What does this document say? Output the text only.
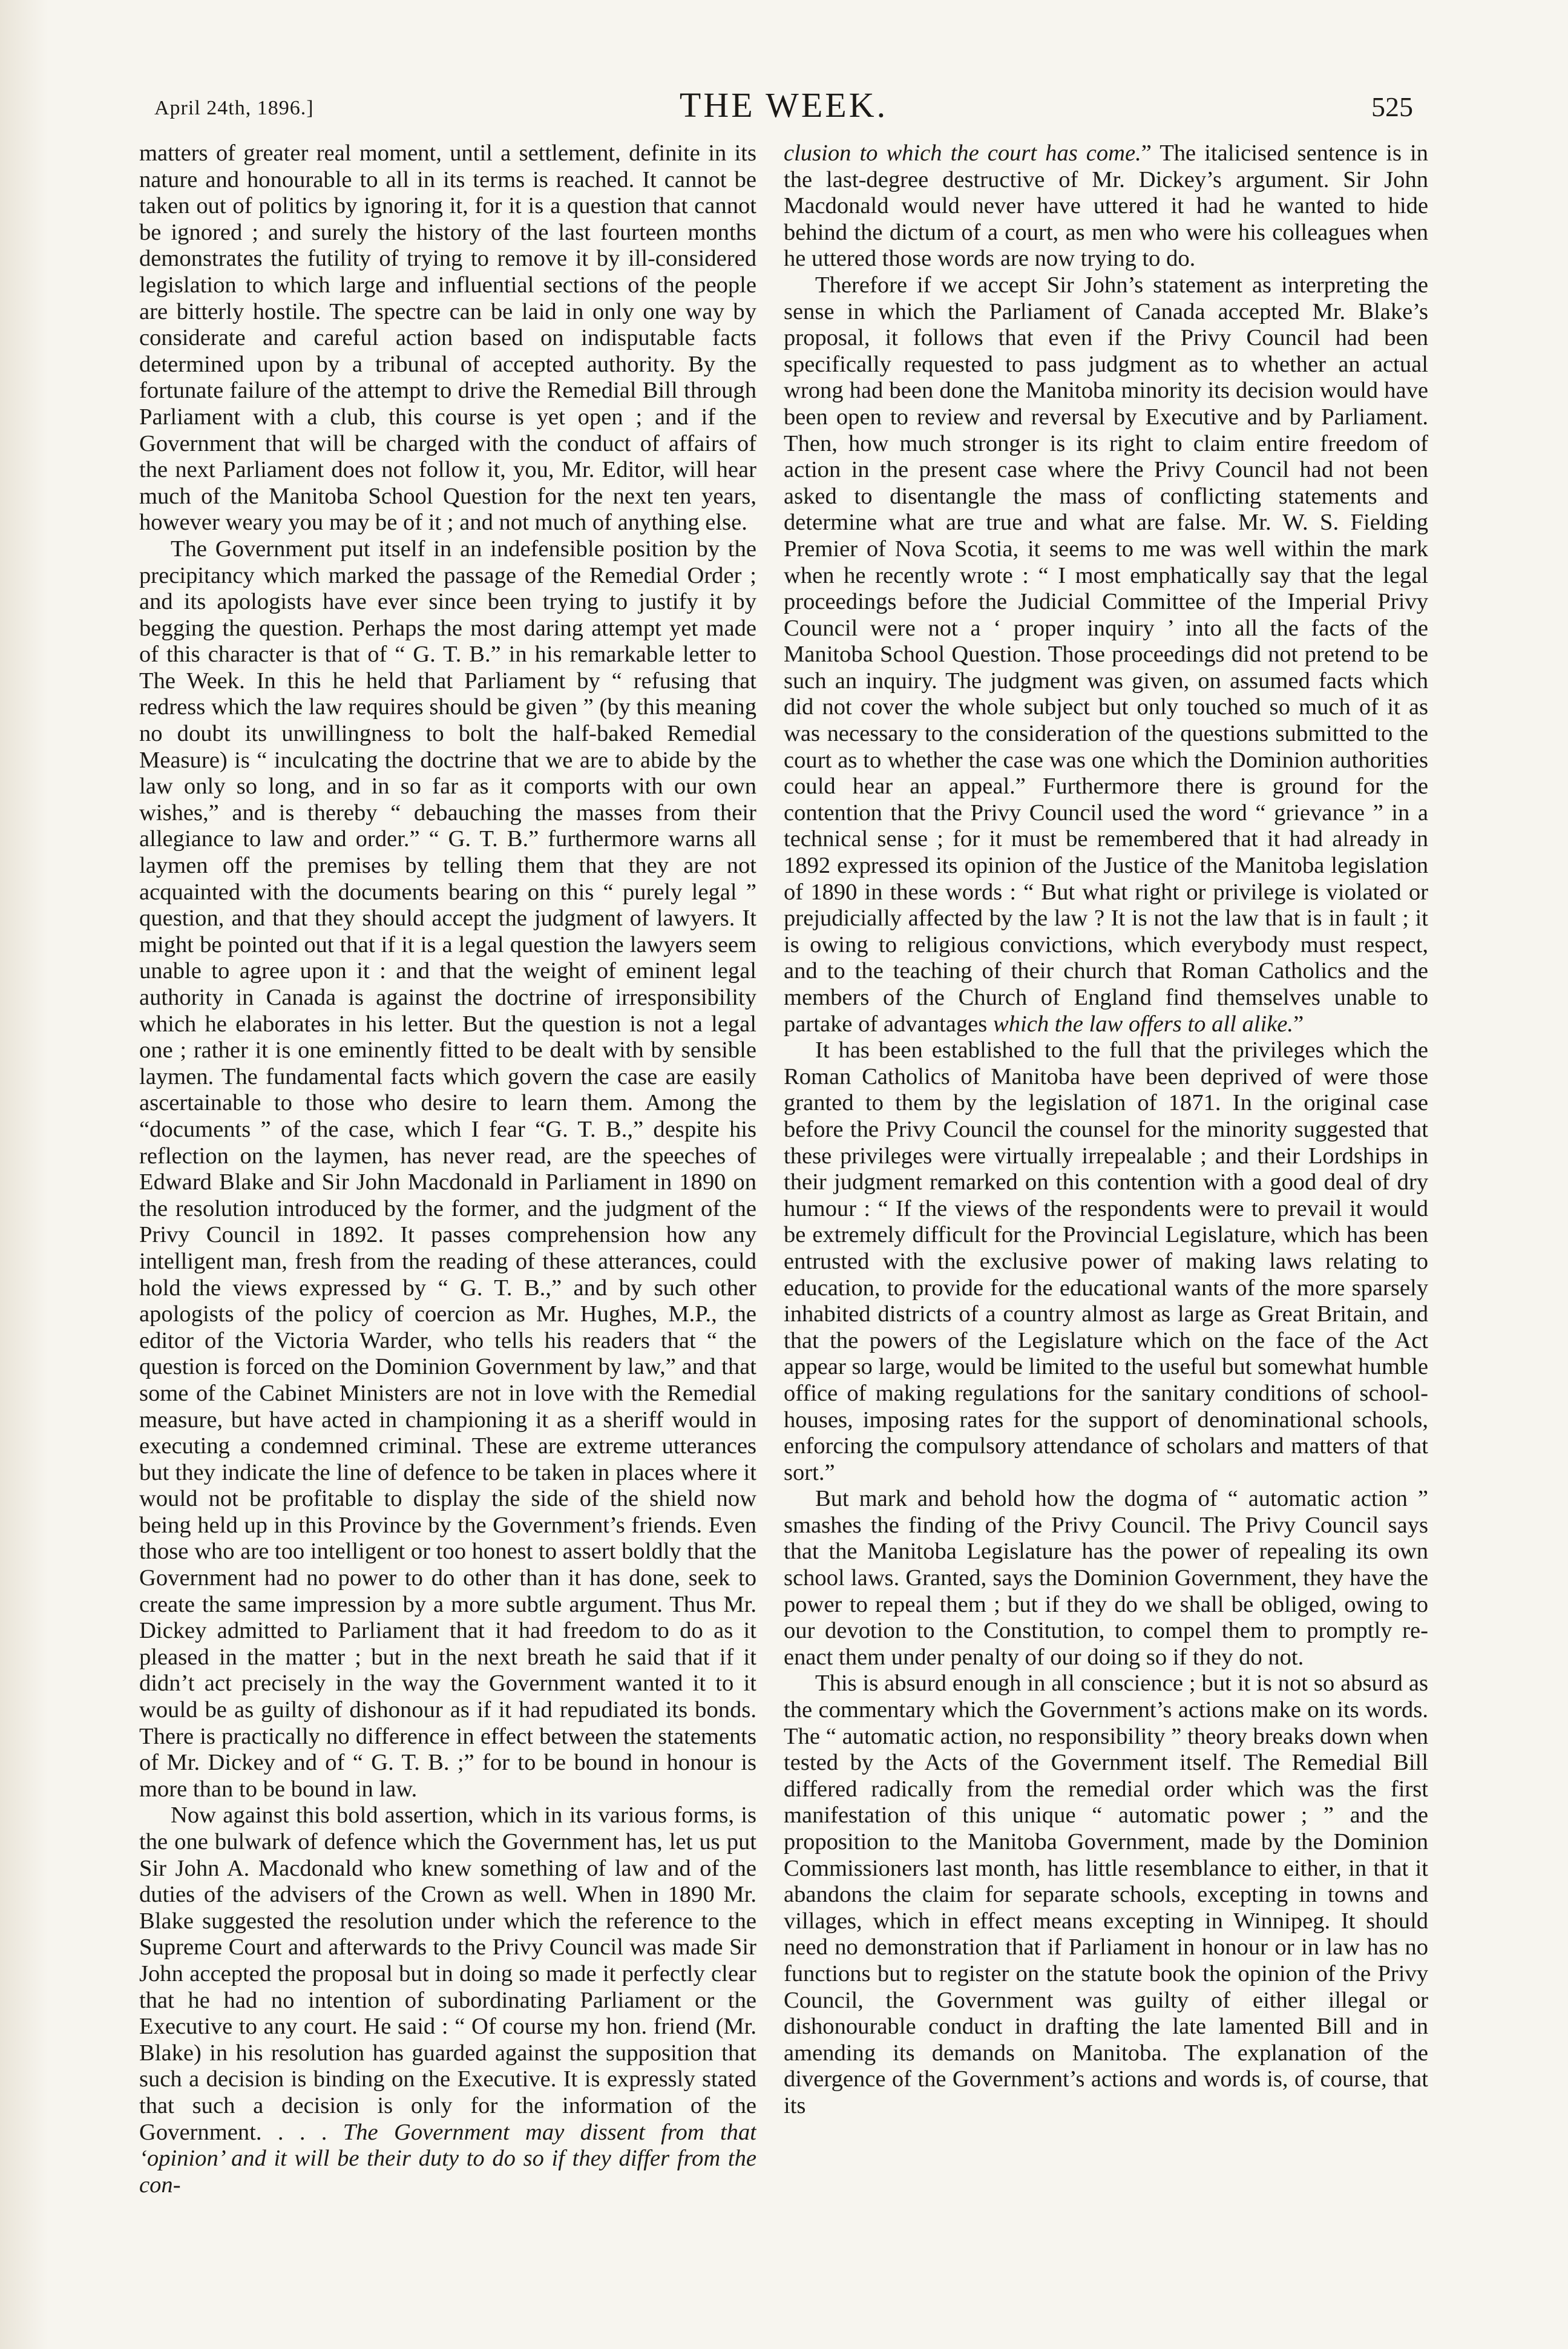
April 24th, 1896.]	THE WEEK.	525

matters of greater real moment, until a settlement, definite in its nature and honourable to all in its terms is reached. It cannot be taken out of politics by ignoring it, for it is a question that cannot be ignored ; and surely the history of the last fourteen months demonstrates the futility of trying to remove it by ill-considered legislation to which large and influential sections of the people are bitterly hostile. The spectre can be laid in only one way by considerate and careful action based on indisputable facts determined upon by a tribunal of accepted authority. By the fortunate failure of the attempt to drive the Remedial Bill through Parliament with a club, this course is yet open ; and if the Government that will be charged with the conduct of affairs of the next Parliament does not follow it, you, Mr. Editor, will hear much of the Manitoba School Question for the next ten years, however weary you may be of it ; and not much of anything else.

The Government put itself in an indefensible position by the precipitancy which marked the passage of the Remedial Order ; and its apologists have ever since been trying to justify it by begging the question. Perhaps the most daring attempt yet made of this character is that of “ G. T. B.” in his remarkable letter to The Week. In this he held that Parliament by “ refusing that redress which the law requires should be given ” (by this meaning no doubt its unwillingness to bolt the half-baked Remedial Measure) is “ inculcating the doctrine that we are to abide by the law only so long, and in so far as it comports with our own wishes,” and is thereby “ debauching the masses from their allegiance to law and order.” “ G. T. B.” furthermore warns all laymen off the premises by telling them that they are not acquainted with the documents bearing on this “ purely legal ” question, and that they should accept the judgment of lawyers. It might be pointed out that if it is a legal question the lawyers seem unable to agree upon it : and that the weight of eminent legal authority in Canada is against the doctrine of irresponsibility which he elaborates in his letter. But the question is not a legal one ; rather it is one eminently fitted to be dealt with by sensible laymen. The fundamental facts which govern the case are easily ascertainable to those who desire to learn them. Among the “documents ” of the case, which I fear “G. T. B.,” despite his reflection on the laymen, has never read, are the speeches of Edward Blake and Sir John Macdonald in Parliament in 1890 on the resolution introduced by the former, and the judgment of the Privy Council in 1892. It passes comprehension how any intelligent man, fresh from the reading of these atterances, could hold the views expressed by “ G. T. B.,” and by such other apologists of the policy of coercion as Mr. Hughes, M.P., the editor of the Victoria Warder, who tells his readers that “ the question is forced on the Dominion Government by law,” and that some of the Cabinet Ministers are not in love with the Remedial measure, but have acted in championing it as a sheriff would in executing a condemned criminal. These are extreme utterances but they indicate the line of defence to be taken in places where it would not be profitable to display the side of the shield now being held up in this Province by the Government’s friends. Even those who are too intelligent or too honest to assert boldly that the Government had no power to do other than it has done, seek to create the same impression by a more subtle argument. Thus Mr. Dickey admitted to Parliament that it had freedom to do as it pleased in the matter ; but in the next breath he said that if it didn’t act precisely in the way the Government wanted it to it would be as guilty of dishonour as if it had repudiated its bonds. There is practically no difference in effect between the statements of Mr. Dickey and of “ G. T. B. ;” for to be bound in honour is more than to be bound in law.

Now against this bold assertion, which in its various forms, is the one bulwark of defence which the Government has, let us put Sir John A. Macdonald who knew something of law and of the duties of the advisers of the Crown as well. When in 1890 Mr. Blake suggested the resolution under which the reference to the Supreme Court and afterwards to the Privy Council was made Sir John accepted the proposal but in doing so made it perfectly clear that he had no intention of subordinating Parliament or the Executive to any court. He said : “ Of course my hon. friend (Mr. Blake) in his resolution has guarded against the supposition that such a decision is binding on the Executive. It is expressly stated that such a decision is only for the information of the Government. . . . The Government may dissent from that ‘opinion’ and it will be their duty to do so if they differ from the con-

clusion to which the court has come.” The italicised sentence is in the last-degree destructive of Mr. Dickey’s argument. Sir John Macdonald would never have uttered it had he wanted to hide behind the dictum of a court, as men who were his colleagues when he uttered those words are now trying to do.

Therefore if we accept Sir John’s statement as interpreting the sense in which the Parliament of Canada accepted Mr. Blake’s proposal, it follows that even if the Privy Council had been specifically requested to pass judgment as to whether an actual wrong had been done the Manitoba minority its decision would have been open to review and reversal by Executive and by Parliament. Then, how much stronger is its right to claim entire freedom of action in the present case where the Privy Council had not been asked to disentangle the mass of conflicting statements and determine what are true and what are false. Mr. W. S. Fielding Premier of Nova Scotia, it seems to me was well within the mark when he recently wrote : “ I most emphatically say that the legal proceedings before the Judicial Committee of the Imperial Privy Council were not a ‘ proper inquiry ’ into all the facts of the Manitoba School Question. Those proceedings did not pretend to be such an inquiry. The judgment was given, on assumed facts which did not cover the whole subject but only touched so much of it as was necessary to the consideration of the questions submitted to the court as to whether the case was one which the Dominion authorities could hear an appeal.” Furthermore there is ground for the contention that the Privy Council used the word “ grievance ” in a technical sense ; for it must be remembered that it had already in 1892 expressed its opinion of the Justice of the Manitoba legislation of 1890 in these words : “ But what right or privilege is violated or prejudicially affected by the law ? It is not the law that is in fault ; it is owing to religious convictions, which everybody must respect, and to the teaching of their church that Roman Catholics and the members of the Church of England find themselves unable to partake of advantages which the law offers to all alike.”

It has been established to the full that the privileges which the Roman Catholics of Manitoba have been deprived of were those granted to them by the legislation of 1871. In the original case before the Privy Council the counsel for the minority suggested that these privileges were virtually irrepealable ; and their Lordships in their judgment remarked on this contention with a good deal of dry humour : “ If the views of the respondents were to prevail it would be extremely difficult for the Provincial Legislature, which has been entrusted with the exclusive power of making laws relating to education, to provide for the educational wants of the more sparsely inhabited districts of a country almost as large as Great Britain, and that the powers of the Legislature which on the face of the Act appear so large, would be limited to the useful but somewhat humble office of making regulations for the sanitary conditions of school-houses, imposing rates for the support of denominational schools, enforcing the compulsory attendance of scholars and matters of that sort.”

But mark and behold how the dogma of “ automatic action ” smashes the finding of the Privy Council. The Privy Council says that the Manitoba Legislature has the power of repealing its own school laws. Granted, says the Dominion Government, they have the power to repeal them ; but if they do we shall be obliged, owing to our devotion to the Constitution, to compel them to promptly re-enact them under penalty of our doing so if they do not.

This is absurd enough in all conscience ; but it is not so absurd as the commentary which the Government’s actions make on its words. The “ automatic action, no responsibility ” theory breaks down when tested by the Acts of the Government itself. The Remedial Bill differed radically from the remedial order which was the first manifestation of this unique “ automatic power ; ” and the proposition to the Manitoba Government, made by the Dominion Commissioners last month, has little resemblance to either, in that it abandons the claim for separate schools, excepting in towns and villages, which in effect means excepting in Winnipeg. It should need no demonstration that if Parliament in honour or in law has no functions but to register on the statute book the opinion of the Privy Council, the Government was guilty of either illegal or dishonourable conduct in drafting the late lamented Bill and in amending its demands on Manitoba. The explanation of the divergence of the Government’s actions and words is, of course, that its
